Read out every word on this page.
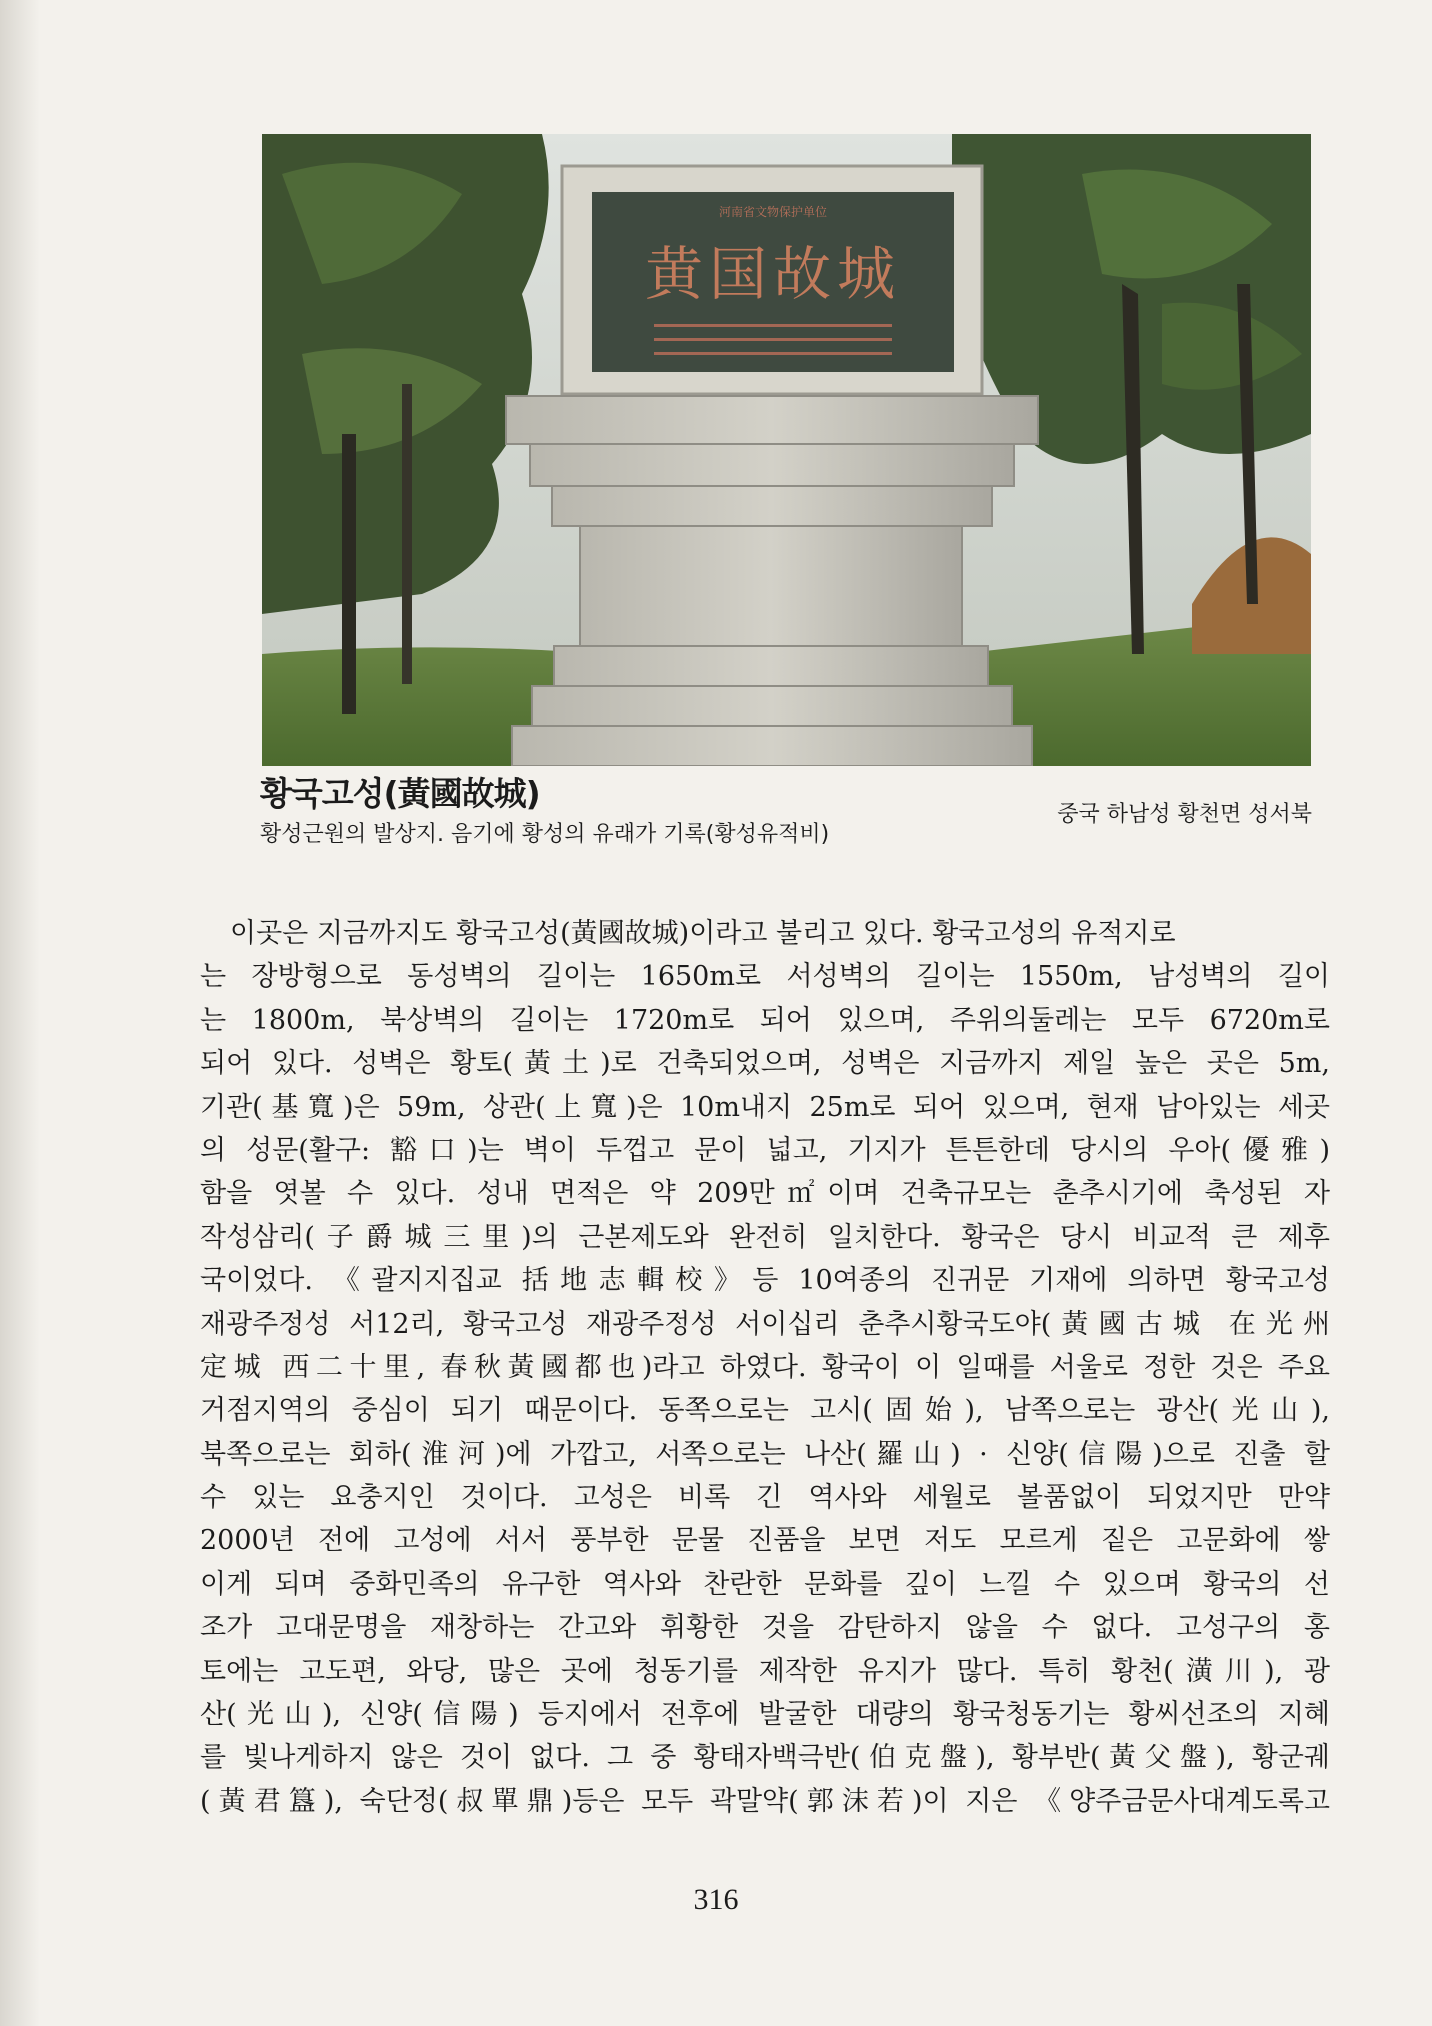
河南省文物保护单位
黄国故城
황국고성(黃國故城)
황성근원의 발상지. 음기에 황성의 유래가 기록(황성유적비)
중국 하남성 황천면 성서북
이곳은 지금까지도 황국고성(黃國故城)이라고 불리고 있다. 황국고성의 유적지로
는 장방형으로 동성벽의 길이는 1650m로 서성벽의 길이는 1550m, 남성벽의 길이
는 1800m, 북상벽의 길이는 1720m로 되어 있으며, 주위의둘레는 모두 6720m로
되어 있다. 성벽은 황토(黃土)로 건축되었으며, 성벽은 지금까지 제일 높은 곳은 5m,
기관(基寬)은 59m, 상관(上寬)은 10m내지 25m로 되어 있으며, 현재 남아있는 세곳
의 성문(활구: 豁口)는 벽이 두껍고 문이 넓고, 기지가 튼튼한데 당시의 우아(優雅)
함을 엿볼 수 있다. 성내 면적은 약 209만㎡이며 건축규모는 춘추시기에 축성된 자
작성삼리(子爵城三里)의 근본제도와 완전히 일치한다. 황국은 당시 비교적 큰 제후
국이었다. 《괄지지집교 括地志輯校》등 10여종의 진귀문 기재에 의하면 황국고성
재광주정성 서12리, 황국고성 재광주정성 서이십리 춘추시황국도야(黃國古城 在光州
定城 西二十里, 春秋黃國都也)라고 하였다. 황국이 이 일때를 서울로 정한 것은 주요
거점지역의 중심이 되기 때문이다. 동쪽으로는 고시(固始), 남쪽으로는 광산(光山),
북쪽으로는 회하(淮河)에 가깝고, 서쪽으로는 나산(羅山) · 신양(信陽)으로 진출 할
수 있는 요충지인 것이다. 고성은 비록 긴 역사와 세월로 볼품없이 되었지만 만약
2000년 전에 고성에 서서 풍부한 문물 진품을 보면 저도 모르게 짙은 고문화에 쌓
이게 되며 중화민족의 유구한 역사와 찬란한 문화를 깊이 느낄 수 있으며 황국의 선
조가 고대문명을 재창하는 간고와 휘황한 것을 감탄하지 않을 수 없다. 고성구의 홍
토에는 고도편, 와당, 많은 곳에 청동기를 제작한 유지가 많다. 특히 황천(潢川), 광
산(光山), 신양(信陽) 등지에서 전후에 발굴한 대량의 황국청동기는 황씨선조의 지혜
를 빛나게하지 않은 것이 없다. 그 중 황태자백극반(伯克盤), 황부반(黃父盤), 황군궤
(黃君簋), 숙단정(叔單鼎)등은 모두 곽말약(郭沫若)이 지은 《양주금문사대계도록고
316
